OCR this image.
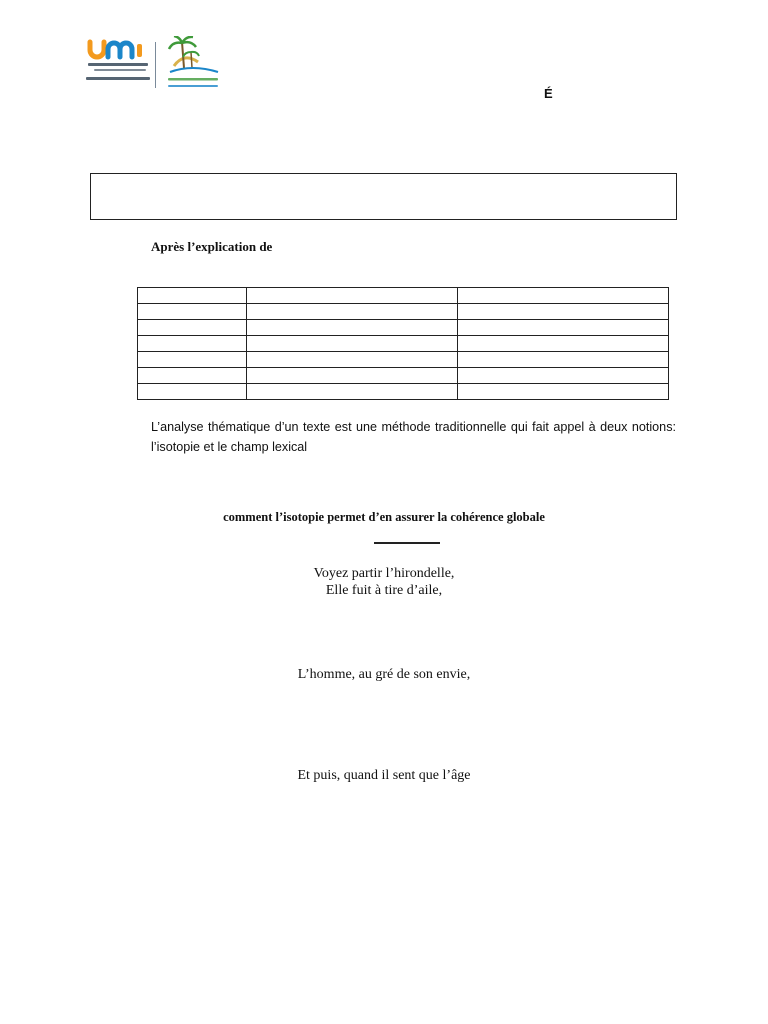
É
Après l’explication de

L’analyse thématique d’un texte est une méthode traditionnelle qui fait appel à deux notions: l’isotopie et le champ lexical
comment l’isotopie permet d’en assurer la cohérence globale
Voyez partir l’hirondelle,
Elle fuit à tire d’aile,
L’homme, au gré de son envie,
Et puis, quand il sent que l’âge
